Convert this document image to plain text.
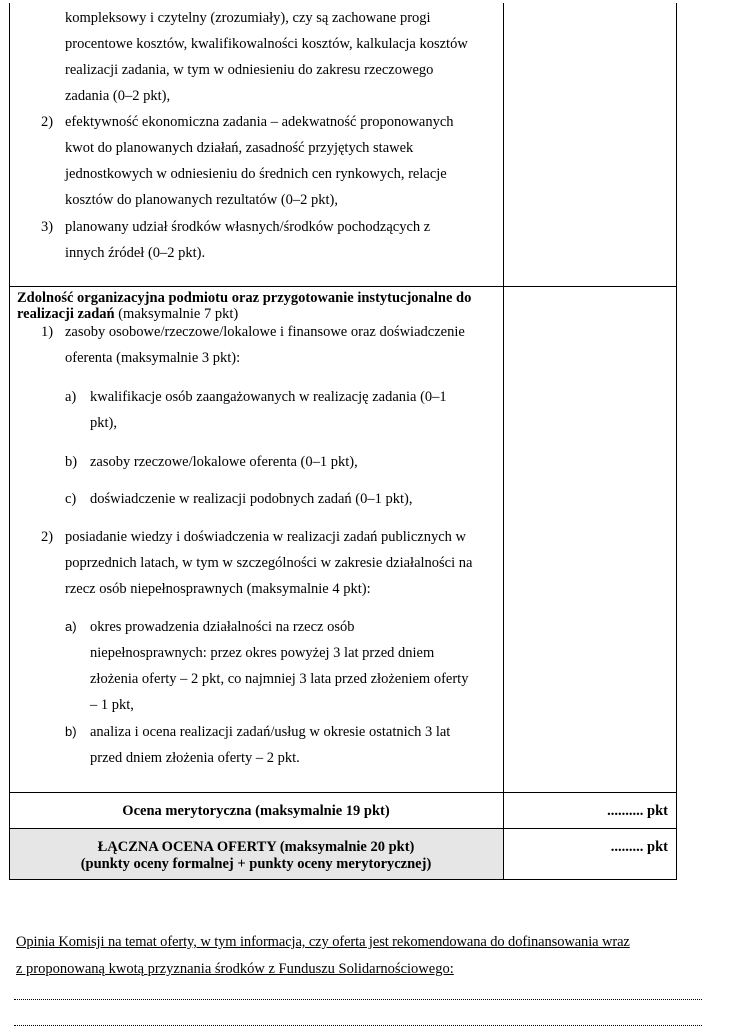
kompleksowy i czytelny (zrozumiały), czy są zachowane progi
procentowe kosztów, kwalifikowalności kosztów, kalkulacja kosztów
realizacji zadania, w tym w odniesieniu do zakresu rzeczowego
zadania (0–2 pkt),
2) efektywność ekonomiczna zadania – adekwatność proponowanych
kwot do planowanych działań, zasadność przyjętych stawek
jednostkowych w odniesieniu do średnich cen rynkowych, relacje
kosztów do planowanych rezultatów (0–2 pkt),
3) planowany udział środków własnych/środków pochodzących z
innych źródeł (0–2 pkt).
Zdolność organizacyjna podmiotu oraz przygotowanie instytucjonalne do
realizacji zadań (maksymalnie 7 pkt)
1) zasoby osobowe/rzeczowe/lokalowe i finansowe oraz doświadczenie
oferenta (maksymalnie 3 pkt):
a) kwalifikacje osób zaangażowanych w realizację zadania (0–1
pkt),
b) zasoby rzeczowe/lokalowe oferenta (0–1 pkt),
c) doświadczenie w realizacji podobnych zadań (0–1 pkt),
2) posiadanie wiedzy i doświadczenia w realizacji zadań publicznych w
poprzednich latach, w tym w szczególności w zakresie działalności na
rzecz osób niepełnosprawnych (maksymalnie 4 pkt):
a) okres prowadzenia działalności na rzecz osób
niepełnosprawnych: przez okres powyżej 3 lat przed dniem
złożenia oferty – 2 pkt, co najmniej 3 lata przed złożeniem oferty
– 1 pkt,
b) analiza i ocena realizacji zadań/usług w okresie ostatnich 3 lat
przed dniem złożenia oferty – 2 pkt.
Ocena merytoryczna (maksymalnie 19 pkt)	.......... pkt
ŁĄCZNA OCENA OFERTY (maksymalnie 20 pkt)
(punkty oceny formalnej + punkty oceny merytorycznej)
......... pkt
Opinia Komisji na temat oferty, w tym informacja, czy oferta jest rekomendowana do dofinansowania wraz
z proponowaną kwotą przyznania środków z Funduszu Solidarnościowego:
